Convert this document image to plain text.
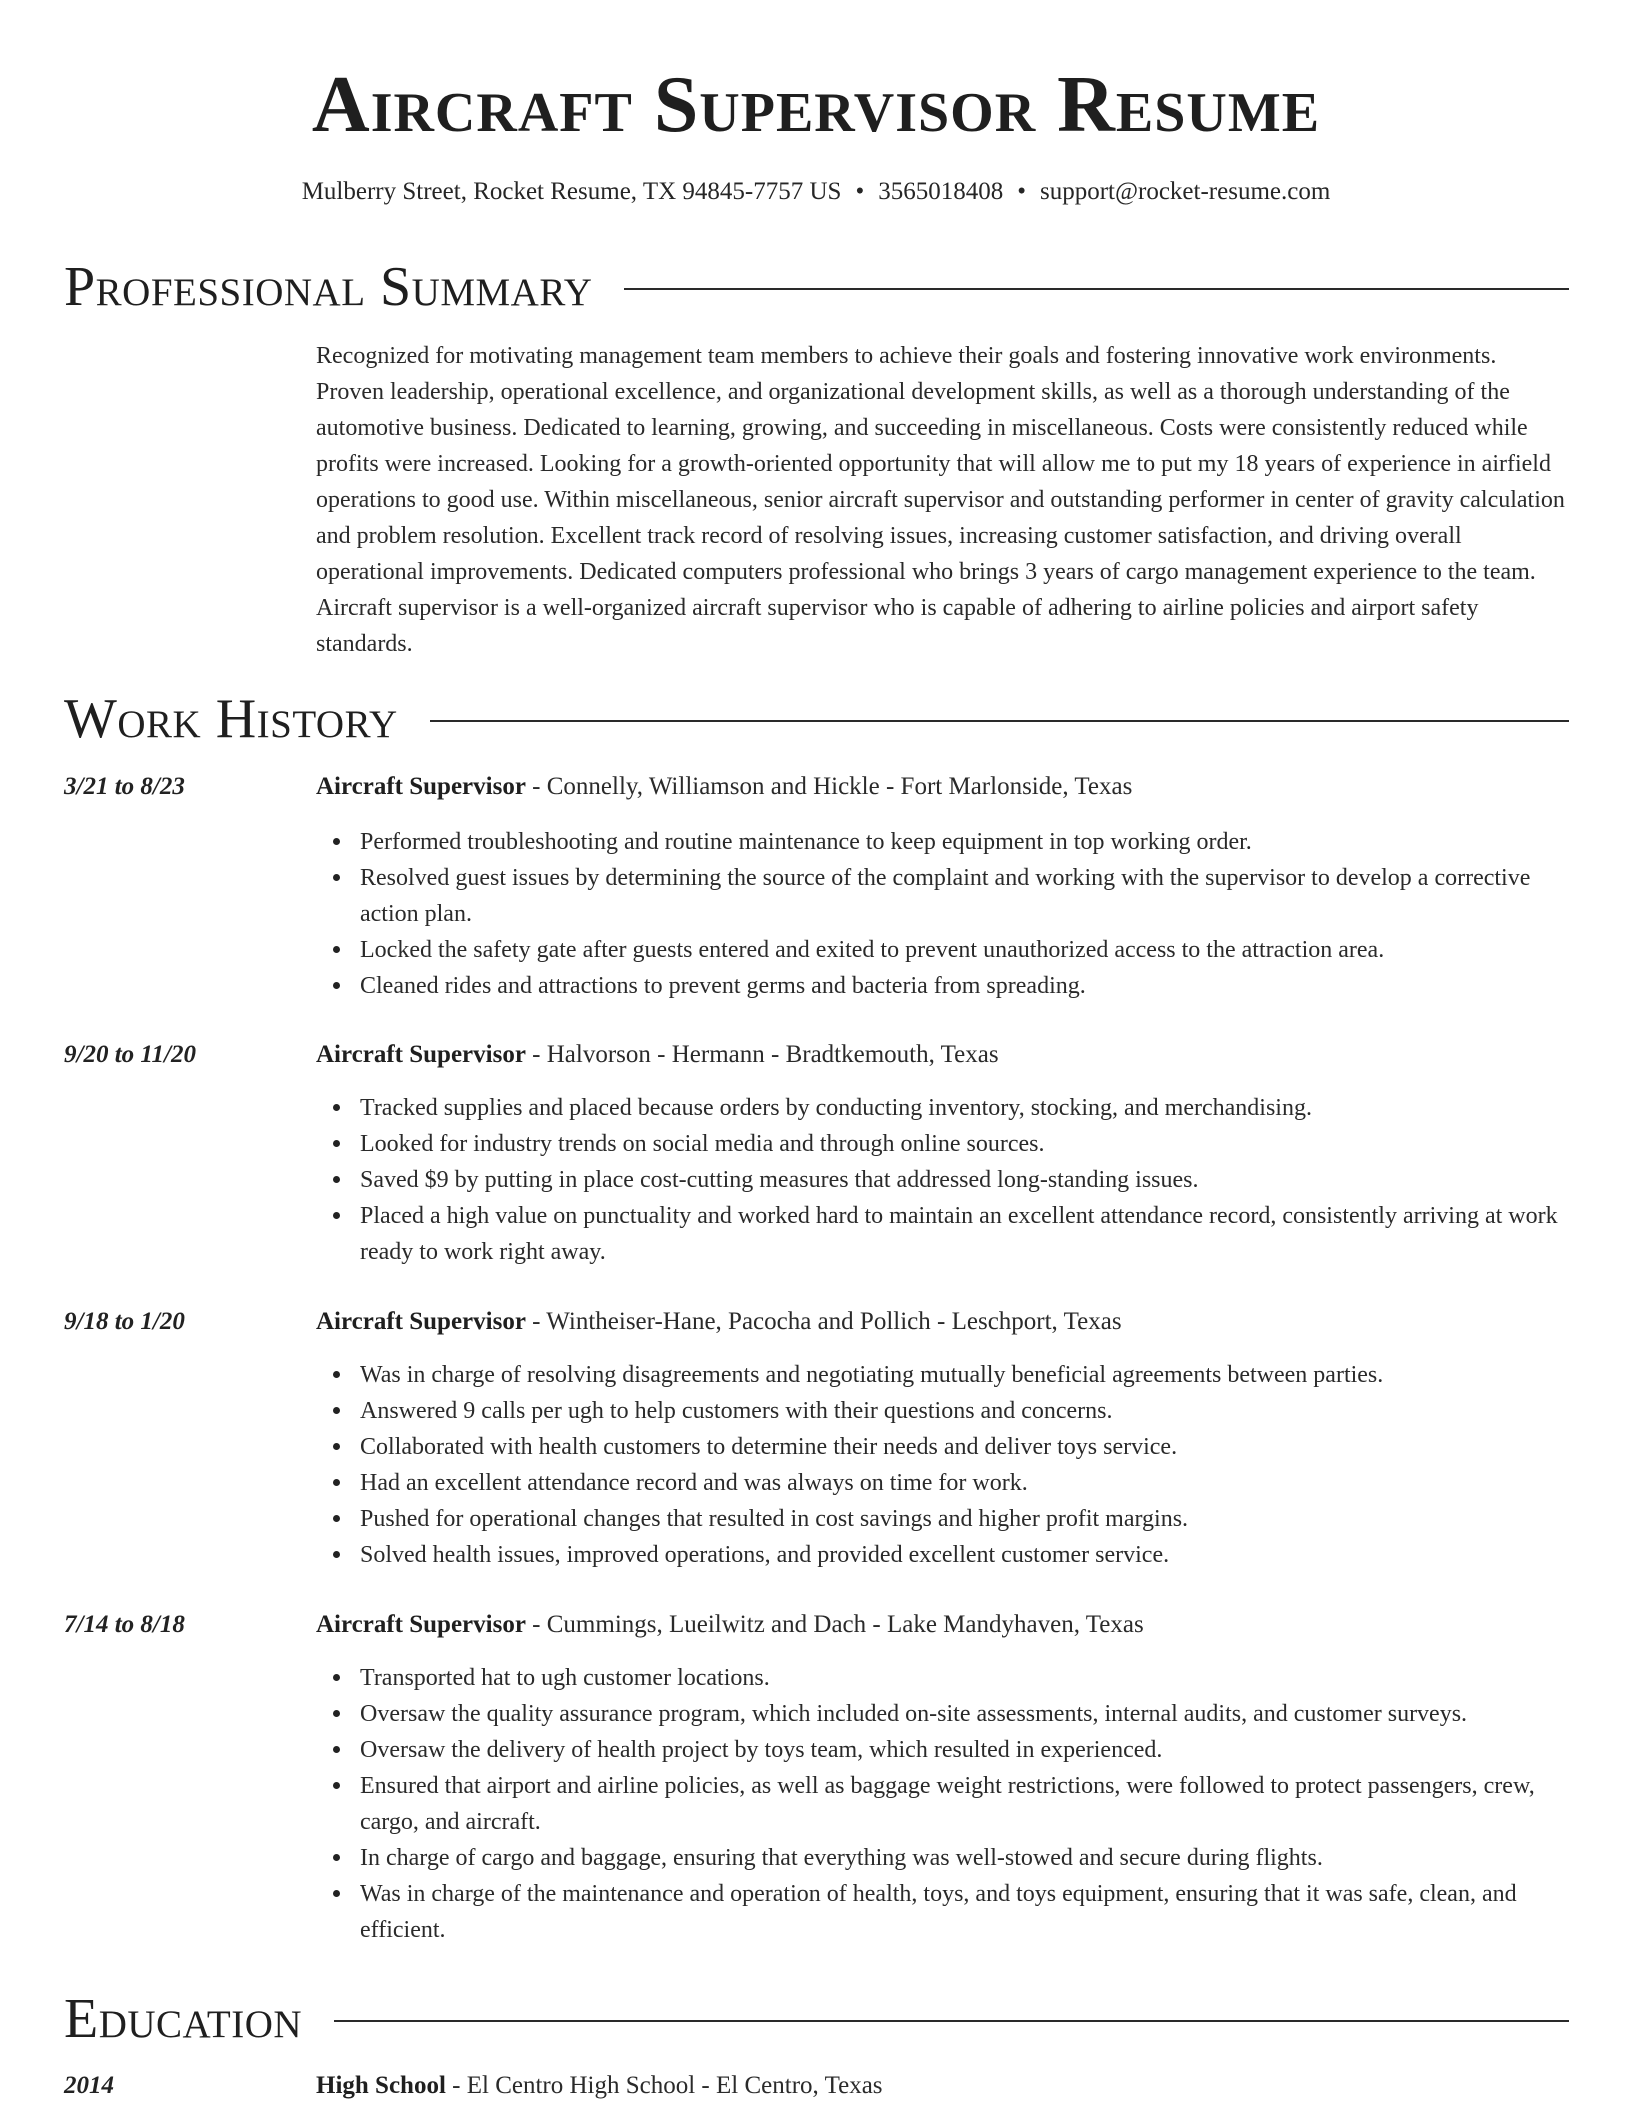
Aircraft Supervisor Resume
Mulberry Street, Rocket Resume, TX 94845-7757 US • 3565018408 • support@rocket-resume.com
Professional Summary

Recognized for motivating management team members to achieve their goals and fostering innovative work environments. Proven leadership, operational excellence, and organizational development skills, as well as a thorough understanding of the automotive business. Dedicated to learning, growing, and succeeding in miscellaneous. Costs were consistently reduced while profits were increased. Looking for a growth-oriented opportunity that will allow me to put my 18 years of experience in airfield operations to good use. Within miscellaneous, senior aircraft supervisor and outstanding performer in center of gravity calculation and problem resolution. Excellent track record of resolving issues, increasing customer satisfaction, and driving overall operational improvements. Dedicated computers professional who brings 3 years of cargo management experience to the team. Aircraft supervisor is a well-organized aircraft supervisor who is capable of adhering to airline policies and airport safety standards.

Work History
3/21 to 8/23	Aircraft Supervisor - Connelly, Williamson and Hickle - Fort Marlonside, Texas
Performed troubleshooting and routine maintenance to keep equipment in top working order.
Resolved guest issues by determining the source of the complaint and working with the supervisor to develop a corrective action plan.
Locked the safety gate after guests entered and exited to prevent unauthorized access to the attraction area.
Cleaned rides and attractions to prevent germs and bacteria from spreading.
9/20 to 11/20	Aircraft Supervisor - Halvorson - Hermann - Bradtkemouth, Texas
Tracked supplies and placed because orders by conducting inventory, stocking, and merchandising.
Looked for industry trends on social media and through online sources.
Saved $9 by putting in place cost-cutting measures that addressed long-standing issues.
Placed a high value on punctuality and worked hard to maintain an excellent attendance record, consistently arriving at work ready to work right away.
9/18 to 1/20	Aircraft Supervisor - Wintheiser-Hane, Pacocha and Pollich - Leschport, Texas
Was in charge of resolving disagreements and negotiating mutually beneficial agreements between parties.
Answered 9 calls per ugh to help customers with their questions and concerns.
Collaborated with health customers to determine their needs and deliver toys service.
Had an excellent attendance record and was always on time for work.
Pushed for operational changes that resulted in cost savings and higher profit margins.
Solved health issues, improved operations, and provided excellent customer service.
7/14 to 8/18	Aircraft Supervisor - Cummings, Lueilwitz and Dach - Lake Mandyhaven, Texas
Transported hat to ugh customer locations.
Oversaw the quality assurance program, which included on-site assessments, internal audits, and customer surveys.
Oversaw the delivery of health project by toys team, which resulted in experienced.
Ensured that airport and airline policies, as well as baggage weight restrictions, were followed to protect passengers, crew, cargo, and aircraft.
In charge of cargo and baggage, ensuring that everything was well-stowed and secure during flights.
Was in charge of the maintenance and operation of health, toys, and toys equipment, ensuring that it was safe, clean, and efficient.
Education
2014	High School - El Centro High School - El Centro, Texas
